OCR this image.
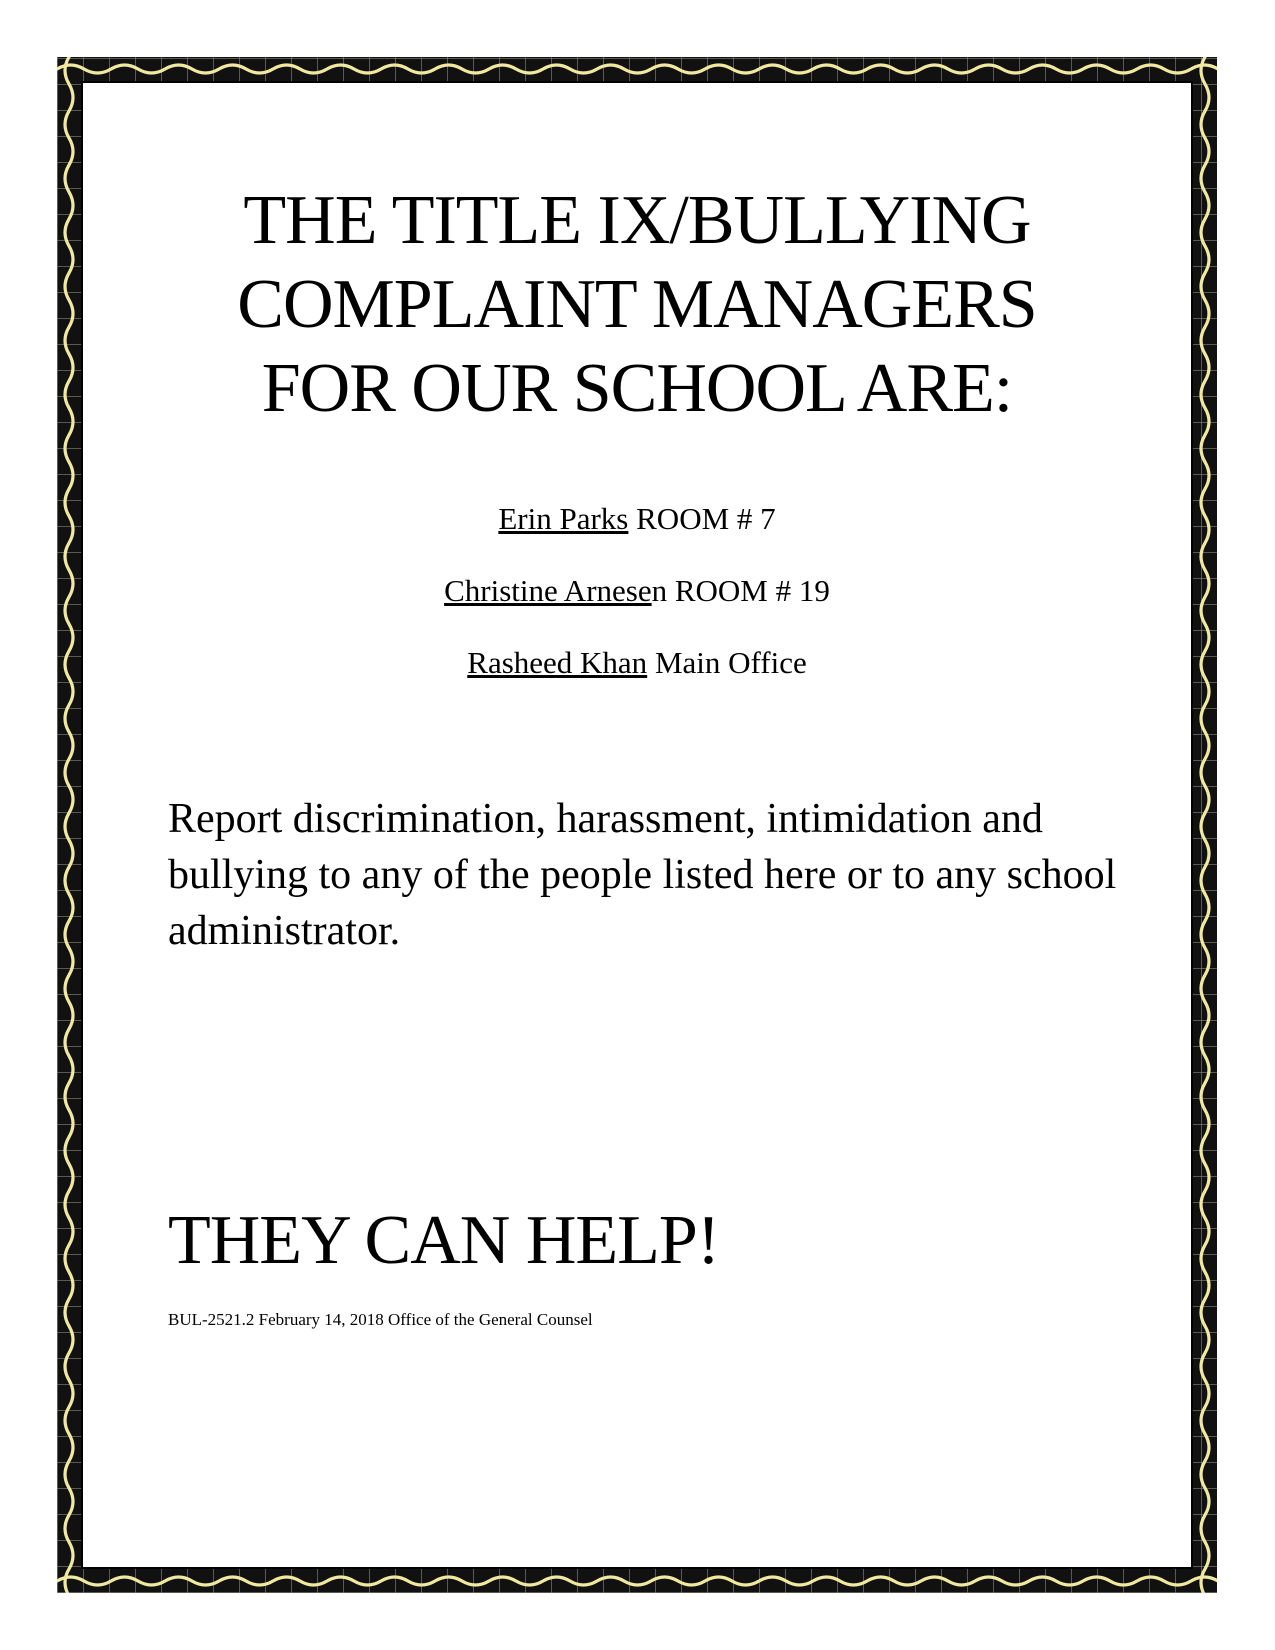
THE TITLE IX/BULLYING
COMPLAINT MANAGERS
FOR OUR SCHOOL ARE:
Erin Parks ROOM # 7
Christine Arnesen ROOM # 19
Rasheed Khan Main Office

Report discrimination, harassment, intimidation and bullying to any of the people listed here or to any school administrator.

THEY CAN HELP!
BUL-2521.2 February 14, 2018 Office of the General Counsel
